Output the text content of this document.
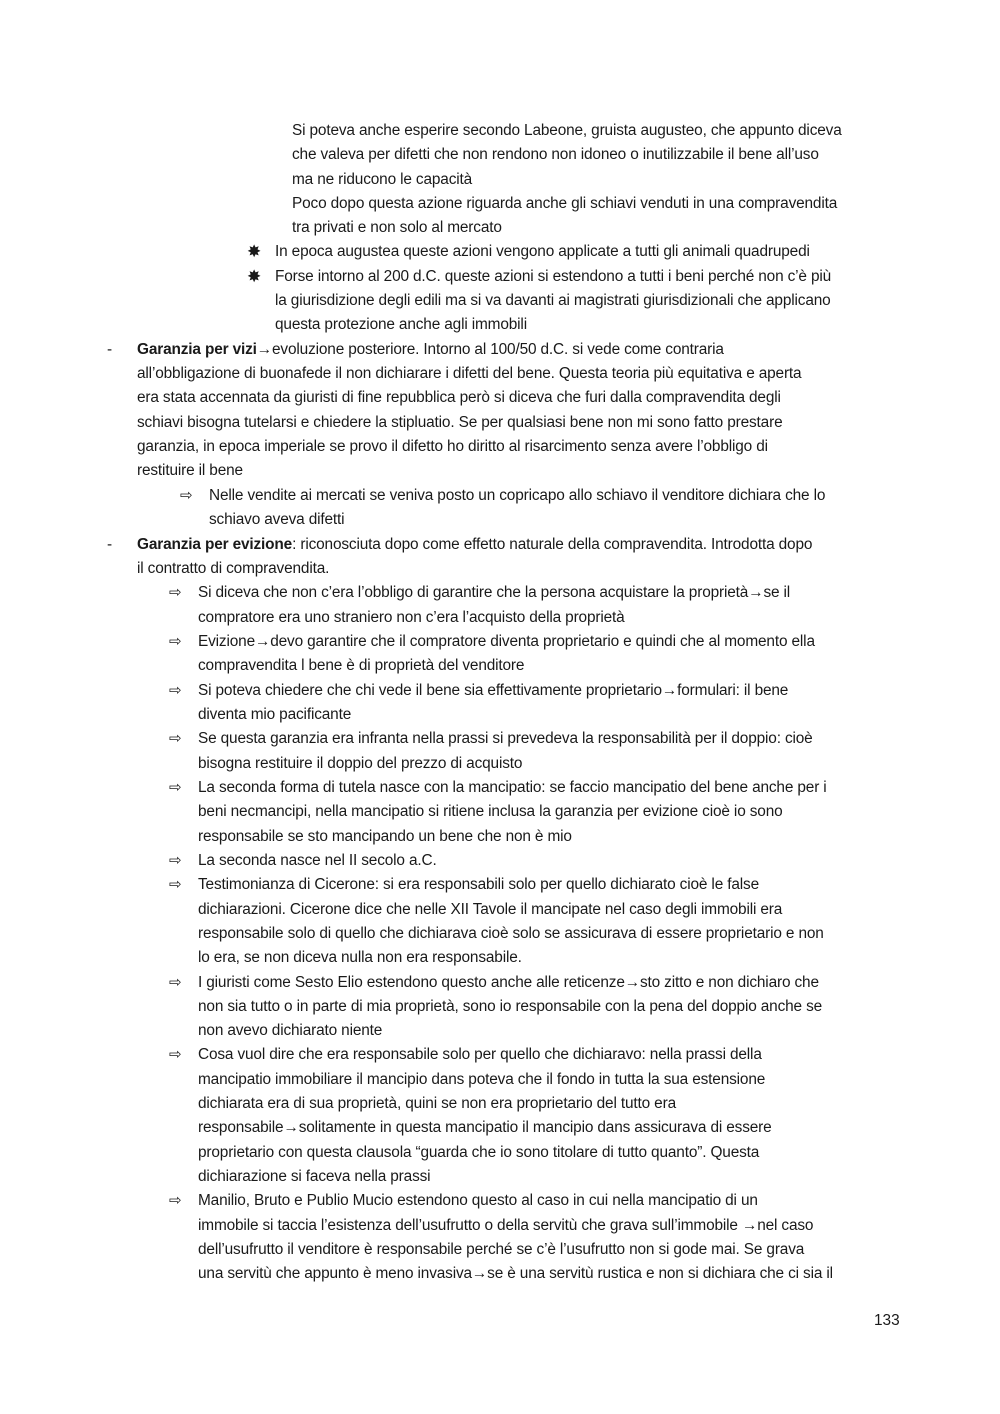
Si poteva anche esperire secondo Labeone, gruista augusteo, che appunto diceva
che valeva per difetti che non rendono non idoneo o inutilizzabile il bene all’uso
ma ne riducono le capacità
Poco dopo questa azione riguarda anche gli schiavi venduti in una compravendita
tra privati e non solo al mercato
✸ In epoca augustea queste azioni vengono applicate a tutti gli animali quadrupedi
✸ Forse intorno al 200 d.C. queste azioni si estendono a tutti i beni perché non c’è più
la giurisdizione degli edili ma si va davanti ai magistrati giurisdizionali che applicano
questa protezione anche agli immobili
- Garanzia per vizi→evoluzione posteriore. Intorno al 100/50 d.C. si vede come contraria
all’obbligazione di buonafede il non dichiarare i difetti del bene. Questa teoria più equitativa e aperta
era stata accennata da giuristi di fine repubblica però si diceva che furi dalla compravendita degli
schiavi bisogna tutelarsi e chiedere la stipluatio. Se per qualsiasi bene non mi sono fatto prestare
garanzia, in epoca imperiale se provo il difetto ho diritto al risarcimento senza avere l’obbligo di
restituire il bene
⇨ Nelle vendite ai mercati se veniva posto un copricapo allo schiavo il venditore dichiara che lo
schiavo aveva difetti
- Garanzia per evizione: riconosciuta dopo come effetto naturale della compravendita. Introdotta dopo
il contratto di compravendita.
⇨ Si diceva che non c’era l’obbligo di garantire che la persona acquistare la proprietà→se il
compratore era uno straniero non c’era l’acquisto della proprietà
⇨ Evizione→devo garantire che il compratore diventa proprietario e quindi che al momento ella
compravendita l bene è di proprietà del venditore
⇨ Si poteva chiedere che chi vede il bene sia effettivamente proprietario→formulari: il bene
diventa mio pacificante
⇨ Se questa garanzia era infranta nella prassi si prevedeva la responsabilità per il doppio: cioè
bisogna restituire il doppio del prezzo di acquisto
⇨ La seconda forma di tutela nasce con la mancipatio: se faccio mancipatio del bene anche per i
beni necmancipi, nella mancipatio si ritiene inclusa la garanzia per evizione cioè io sono
responsabile se sto mancipando un bene che non è mio
⇨ La seconda nasce nel II secolo a.C.
⇨ Testimonianza di Cicerone: si era responsabili solo per quello dichiarato cioè le false
dichiarazioni. Cicerone dice che nelle XII Tavole il mancipate nel caso degli immobili era
responsabile solo di quello che dichiarava cioè solo se assicurava di essere proprietario e non
lo era, se non diceva nulla non era responsabile.
⇨ I giuristi come Sesto Elio estendono questo anche alle reticenze→sto zitto e non dichiaro che
non sia tutto o in parte di mia proprietà, sono io responsabile con la pena del doppio anche se
non avevo dichiarato niente
⇨ Cosa vuol dire che era responsabile solo per quello che dichiaravo: nella prassi della
mancipatio immobiliare il mancipio dans poteva che il fondo in tutta la sua estensione
dichiarata era di sua proprietà, quini se non era proprietario del tutto era
responsabile→solitamente in questa mancipatio il mancipio dans assicurava di essere
proprietario con questa clausola “guarda che io sono titolare di tutto quanto”. Questa
dichiarazione si faceva nella prassi
⇨ Manilio, Bruto e Publio Mucio estendono questo al caso in cui nella mancipatio di un
immobile si taccia l’esistenza dell’usufrutto o della servitù che grava sull’immobile →nel caso
dell’usufrutto il venditore è responsabile perché se c’è l’usufrutto non si gode mai. Se grava
una servitù che appunto è meno invasiva→se è una servitù rustica e non si dichiara che ci sia il
133
